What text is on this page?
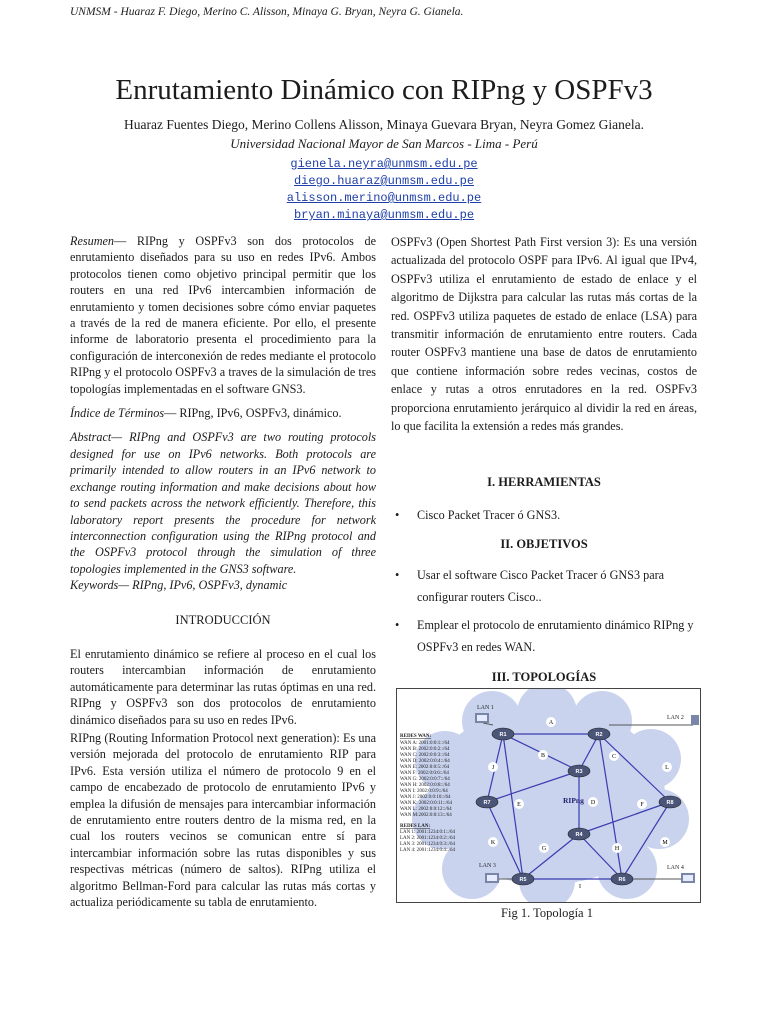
UNMSM - Huaraz F. Diego, Merino C. Alisson, Minaya G. Bryan, Neyra G. Gianela.
Enrutamiento Dinámico con RIPng y OSPFv3
Huaraz Fuentes Diego, Merino Collens Alisson, Minaya Guevara Bryan, Neyra Gomez Gianela.
Universidad Nacional Mayor de San Marcos - Lima - Perú
gienela.neyra@unmsm.edu.pe
diego.huaraz@unmsm.edu.pe
alisson.merino@unmsm.edu.pe
bryan.minaya@unmsm.edu.pe

Resumen— RIPng y OSPFv3 son dos protocolos de enrutamiento diseñados para su uso en redes IPv6. Ambos protocolos tienen como objetivo principal permitir que los routers en una red IPv6 intercambien información de enrutamiento y tomen decisiones sobre cómo enviar paquetes a través de la red de manera eficiente. Por ello, el presente informe de laboratorio presenta el procedimiento para la configuración de interconexión de redes mediante el protocolo RIPng y el protocolo OSPFv3 a traves de la simulación de tres topologías implementadas en el software GNS3.

Índice de Términos— RIPng, IPv6, OSPFv3, dinámico.

Abstract— RIPng and OSPFv3 are two routing protocols designed for use on IPv6 networks. Both protocols are primarily intended to allow routers in an IPv6 network to exchange routing information and make decisions about how to send packets across the network efficiently. Therefore, this laboratory report presents the procedure for network interconnection configuration using the RIPng protocol and the OSPFv3 protocol through the simulation of three topologies implemented in the GNS3 software.

Keywords— RIPng, IPv6, OSPFv3, dynamic

INTRODUCCIÓN

El enrutamiento dinámico se refiere al proceso en el cual los routers intercambian información de enrutamiento automáticamente para determinar las rutas óptimas en una red. RIPng y OSPFv3 son dos protocolos de enrutamiento dinámico diseñados para su uso en redes IPv6.

RIPng (Routing Information Protocol next generation): Es una versión mejorada del protocolo de enrutamiento RIP para IPv6. Esta versión utiliza el número de protocolo 9 en el campo de encabezado de protocolo de enrutamiento IPv6 y emplea la difusión de mensajes para intercambiar información de enrutamiento entre routers dentro de la misma red, en la cual los routers vecinos se comunican entre sí para intercambiar información sobre las rutas disponibles y sus respectivas métricas (número de saltos). RIPng utiliza el algoritmo Bellman-Ford para calcular las rutas más cortas y actualiza periódicamente su tabla de enrutamiento.

OSPFv3 (Open Shortest Path First version 3): Es una versión actualizada del protocolo OSPF para IPv6. Al igual que IPv4, OSPFv3 utiliza el enrutamiento de estado de enlace y el algoritmo de Dijkstra para calcular las rutas más cortas de la red. OSPFv3 utiliza paquetes de estado de enlace (LSA) para transmitir información de enrutamiento entre routers. Cada router OSPFv3 mantiene una base de datos de enrutamiento que contiene información sobre redes vecinas, costos de enlace y rutas a otros enrutadores en la red. OSPFv3 proporciona enrutamiento jerárquico al dividir la red en áreas, lo que facilita la extensión a redes más grandes.

I. HERRAMIENTAS
• Cisco Packet Tracer ó GNS3.
II. OBJETIVOS
• Usar el software Cisco Packet Tracer ó GNS3 para configurar routers Cisco..
• Emplear el protocolo de enrutamiento dinámico RIPng y OSPFv3 en redes WAN.
III. TOPOLOGÍAS
LAN 1
LAN 2
LAN 3	LAN 4
R1	R2
R3
R4
R5	R6
R7	R8
A
B	C
D
E	F
G	H
I
J
K
L
M
RIPng
REDES WAN:
WAN A: 2001:0:0:1::/64
WAN B: 2002:0:0:2::/64
WAN C: 2002:0:0:3::/64
WAN D: 2002:0:0:4::/64
WAN E: 2002:0:0:5::/64
WAN F: 2002:0:0:6::/64
WAN G: 2002:0:0:7::/64
WAN H: 2002:0:0:8::/64
WAN I: 2002:0:0:9::/64
WAN J: 2002:0:0:10::/64
WAN K: 2002:0:0:11::/64
WAN L: 2002:0:0:12::/64
WAN M:2002:0:0:13::/64
REDES LAN:
LAN 1: 2001:1234:0:1::/64
LAN 2: 2001:1234:0:2::/64
LAN 3: 2001:1234:0:3::/64
LAN 4: 2001:1234:0:4::/64
Fig 1. Topología 1
